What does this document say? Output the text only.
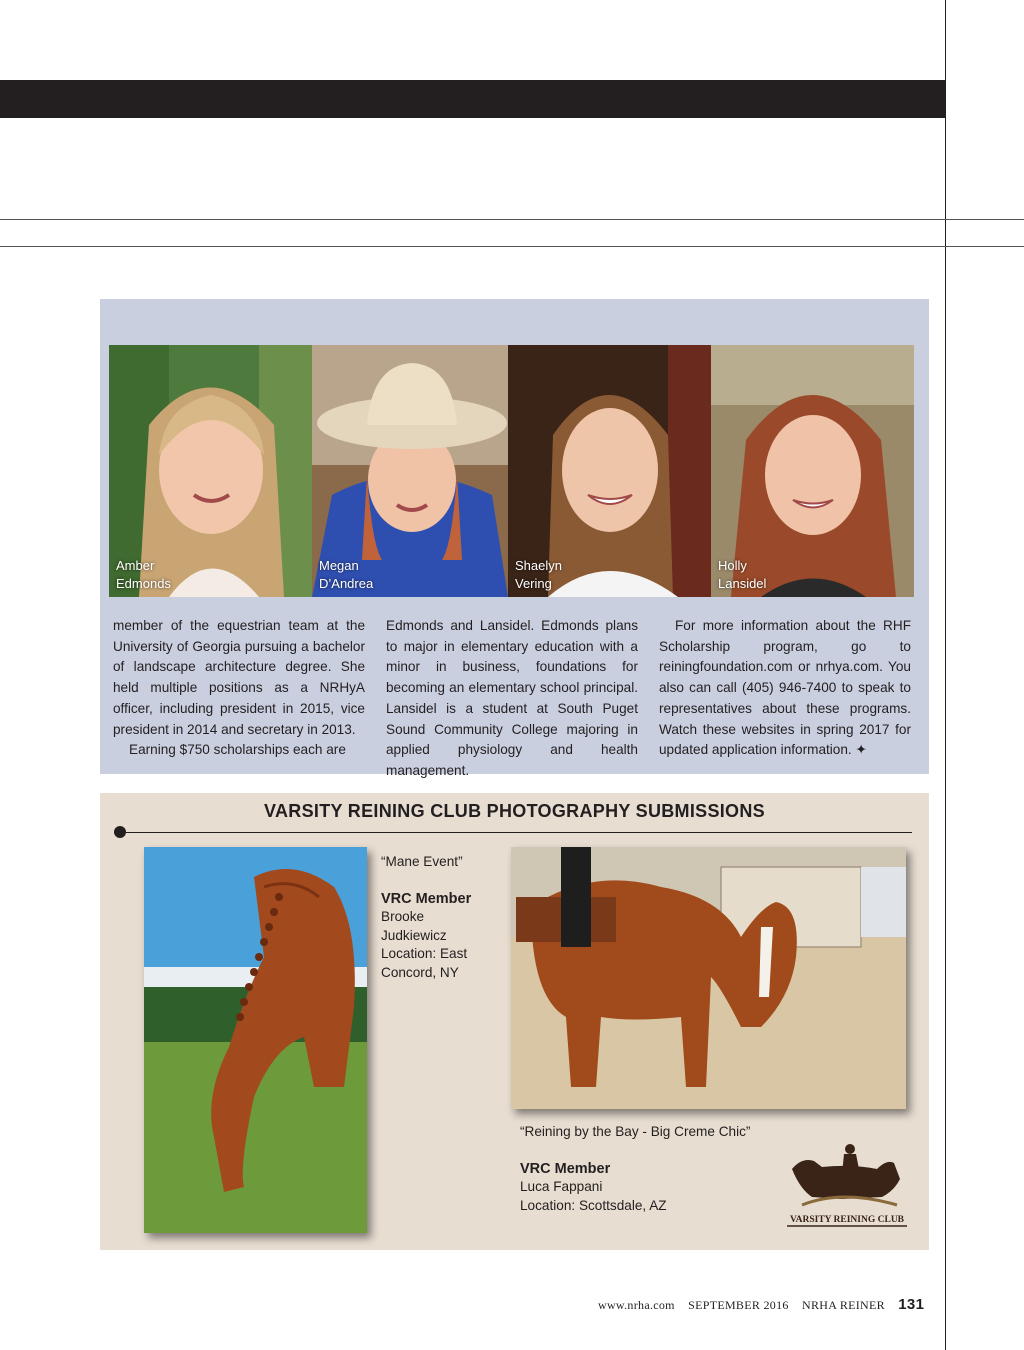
Amber
Edmonds
Megan
D’Andrea
Shaelyn
Vering
Holly
Lansidel

member of the equestrian team at the University of Georgia pursuing a bachelor of landscape architecture degree. She held multiple positions as a NRHyA officer, including president in 2015, vice president in 2014 and secretary in 2013.

Earning $750 scholarships each are

Edmonds and Lansidel. Edmonds plans to major in elementary education with a minor in business, foundations for becoming an elementary school principal. Lansidel is a student at South Puget Sound Community College majoring in applied physiology and health management.

For more information about the RHF Scholarship program, go to reiningfoundation.com or nrhya.com. You also can call (405) 946-7400 to speak to representatives about these programs. Watch these websites in spring 2017 for updated application information. ✦

VARSITY REINING CLUB PHOTOGRAPHY SUBMISSIONS
“Mane Event”
VRC Member
Brooke
Judkiewicz
Location: East
Concord, NY
“Reining by the Bay - Big Creme Chic”
VRC Member
Luca Fappani
Location: Scottsdale, AZ
VARSITY REINING CLUB
www.nrha.com SEPTEMBER 2016 NRHA REINER 131
